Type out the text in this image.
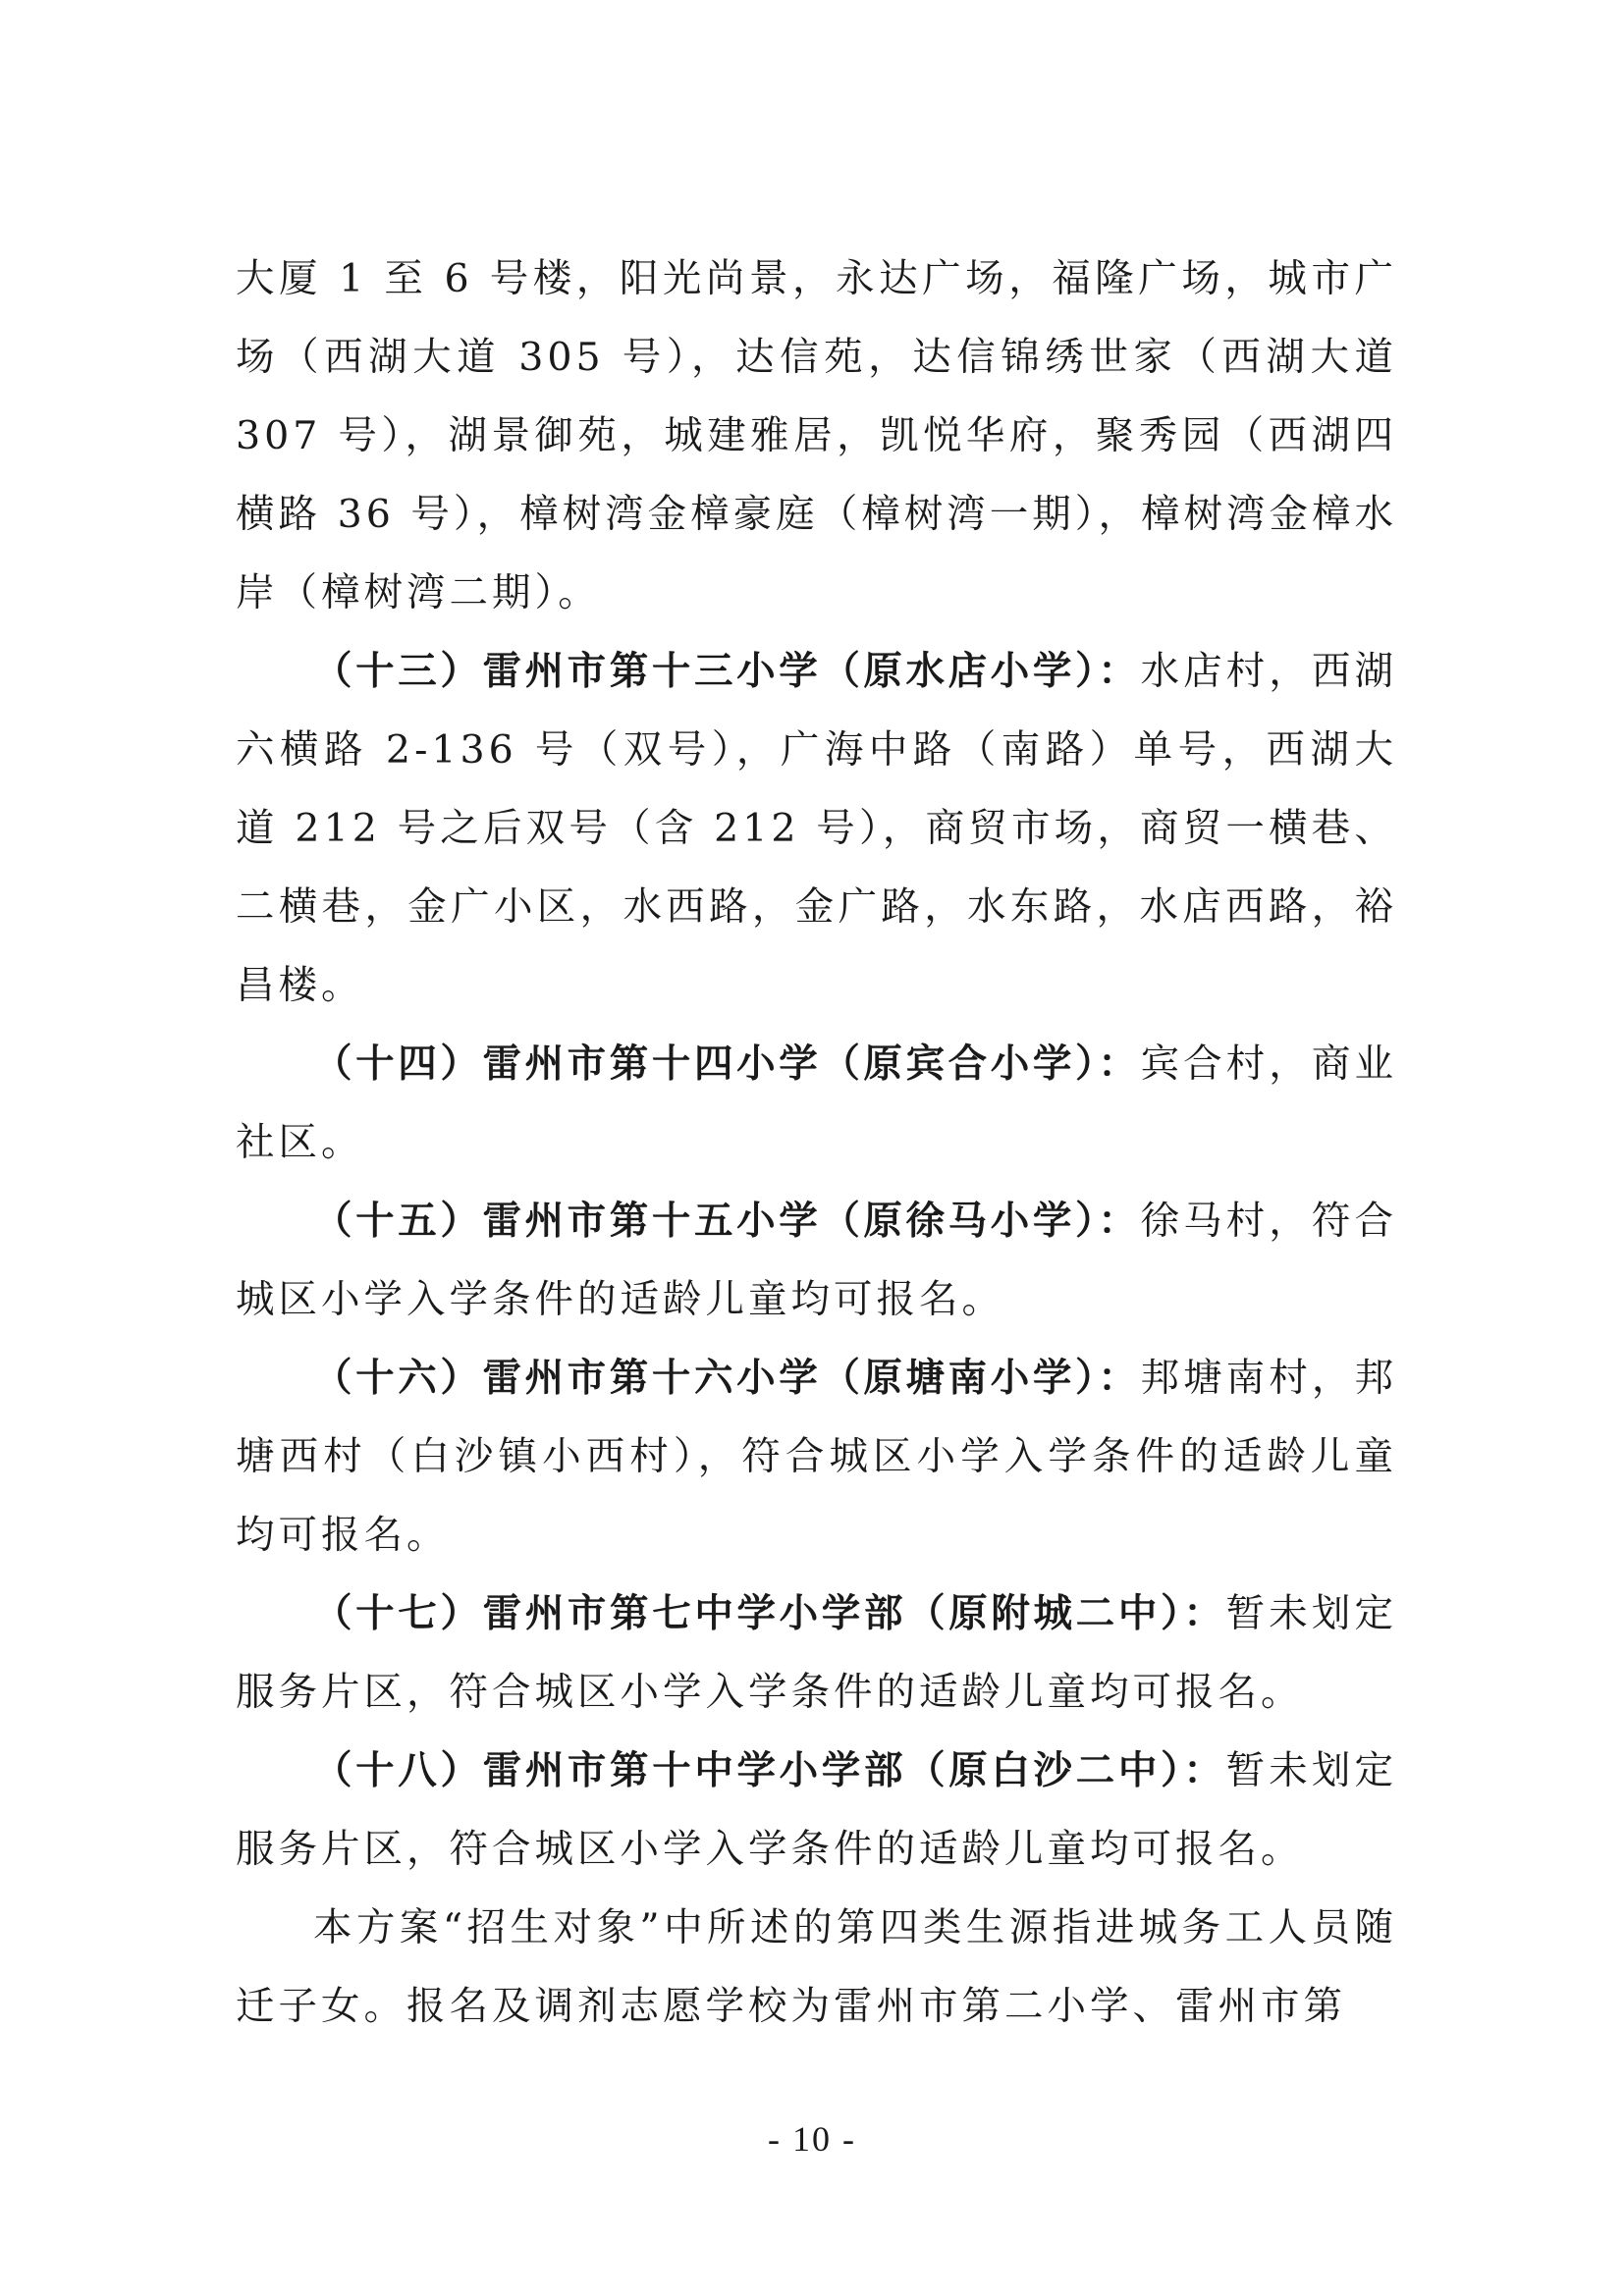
大厦 1 至 6 号楼，阳光尚景，永达广场，福隆广场，城市广场（西湖大道 305 号），达信苑，达信锦绣世家（西湖大道 307 号），湖景御苑，城建雅居，凯悦华府，聚秀园（西湖四横路 36 号），樟树湾金樟豪庭（樟树湾一期），樟树湾金樟水岸（樟树湾二期）。

（十三）雷州市第十三小学（原水店小学）：水店村，西湖六横路 2-136 号（双号），广海中路（南路）单号，西湖大道 212 号之后双号（含 212 号），商贸市场，商贸一横巷、二横巷，金广小区，水西路，金广路，水东路，水店西路，裕昌楼。

（十四）雷州市第十四小学（原宾合小学）：宾合村，商业社区。

（十五）雷州市第十五小学（原徐马小学）：徐马村，符合城区小学入学条件的适龄儿童均可报名。

（十六）雷州市第十六小学（原塘南小学）：邦塘南村，邦塘西村（白沙镇小西村），符合城区小学入学条件的适龄儿童均可报名。

（十七）雷州市第七中学小学部（原附城二中）：暂未划定服务片区，符合城区小学入学条件的适龄儿童均可报名。

（十八）雷州市第十中学小学部（原白沙二中）：暂未划定服务片区，符合城区小学入学条件的适龄儿童均可报名。

本方案“招生对象”中所述的第四类生源指进城务工人员随迁子女。报名及调剂志愿学校为雷州市第二小学、雷州市第

- 10 -
